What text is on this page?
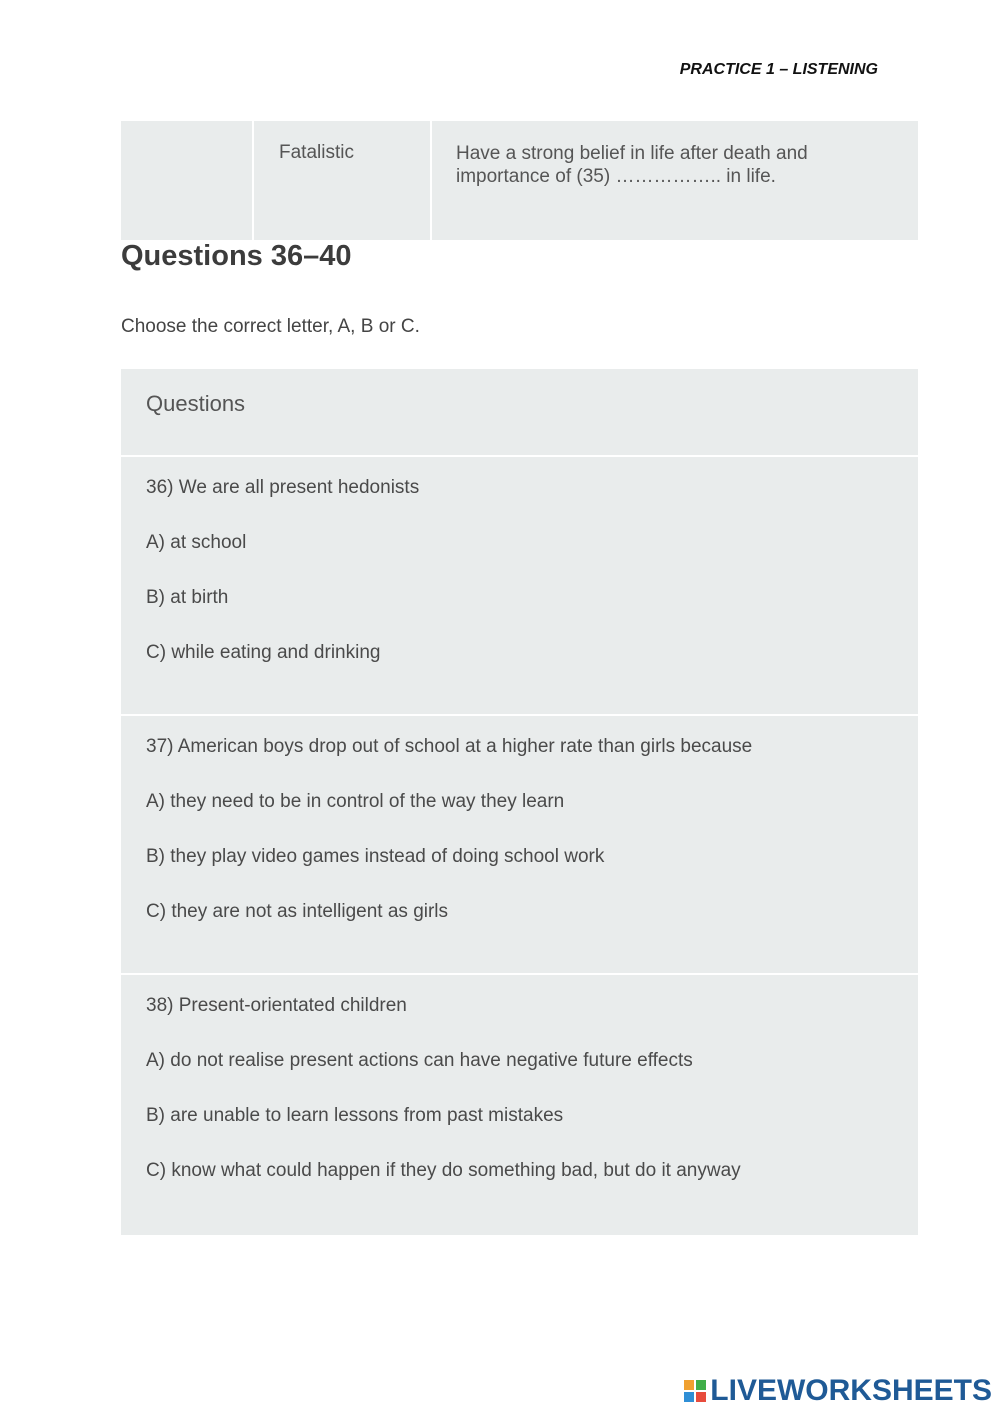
PRACTICE 1 – LISTENING
Fatalistic	Have a strong belief in life after death and importance of (35) …………….. in life.
Questions 36–40
Choose the correct letter, A, B or C.
Questions
36) We are all present hedonists
A) at school
B) at birth
C) while eating and drinking
37) American boys drop out of school at a higher rate than girls because
A) they need to be in control of the way they learn
B) they play video games instead of doing school work
C) they are not as intelligent as girls
38) Present-orientated children
A) do not realise present actions can have negative future effects
B) are unable to learn lessons from past mistakes
C) know what could happen if they do something bad, but do it anyway
LIVEWORKSHEETS
